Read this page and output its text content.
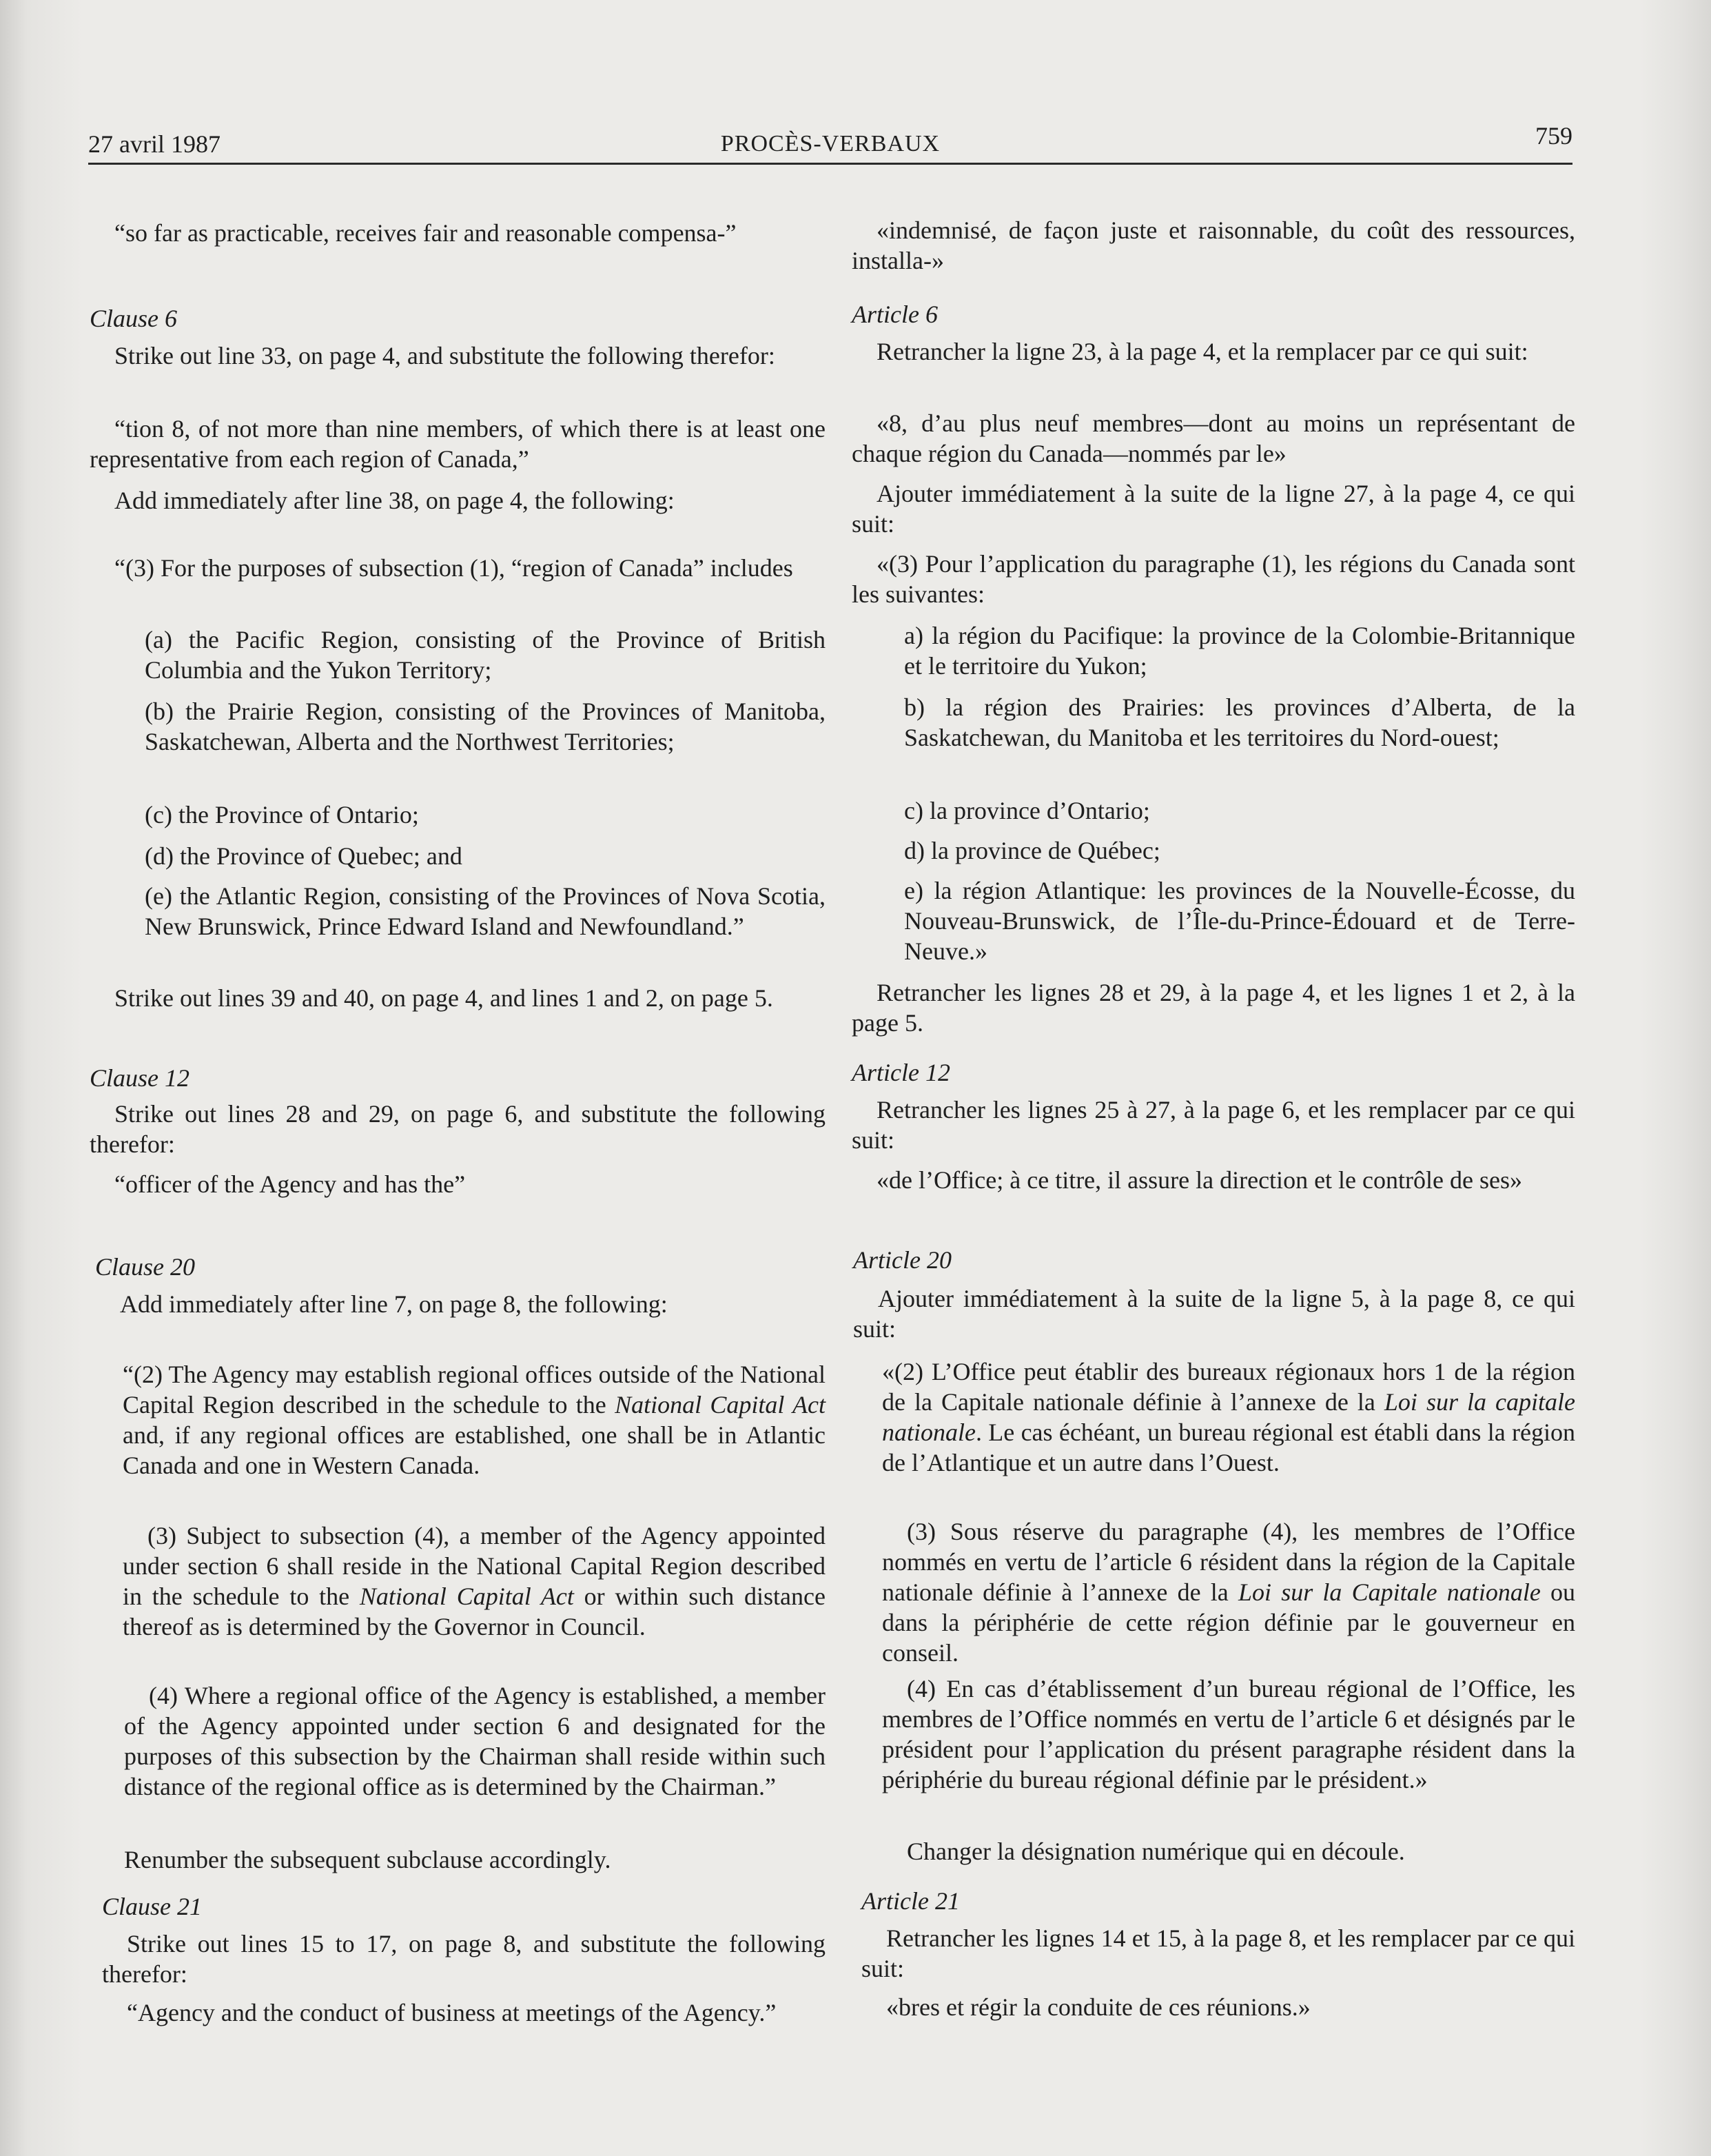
27 avril 1987	PROCÈS-VERBAUX	759
“so far as practicable, receives fair and reasonable compensa-”
Clause 6
Strike out line 33, on page 4, and substitute the following therefor:
“tion 8, of not more than nine members, of which there is at least one representative from each region of Canada,”
Add immediately after line 38, on page 4, the following:
“(3) For the purposes of subsection (1), “region of Canada” includes
(a) the Pacific Region, consisting of the Province of British Columbia and the Yukon Territory;
(b) the Prairie Region, consisting of the Provinces of Manitoba, Saskatchewan, Alberta and the Northwest Territories;
(c) the Province of Ontario;
(d) the Province of Quebec; and
(e) the Atlantic Region, consisting of the Provinces of Nova Scotia, New Brunswick, Prince Edward Island and Newfoundland.”
Strike out lines 39 and 40, on page 4, and lines 1 and 2, on page 5.
Clause 12
Strike out lines 28 and 29, on page 6, and substitute the following therefor:
“officer of the Agency and has the”
Clause 20
Add immediately after line 7, on page 8, the following:
“(2) The Agency may establish regional offices outside of the National Capital Region described in the schedule to the National Capital Act and, if any regional offices are established, one shall be in Atlantic Canada and one in Western Canada.
(3) Subject to subsection (4), a member of the Agency appointed under section 6 shall reside in the National Capital Region described in the schedule to the National Capital Act or within such distance thereof as is determined by the Governor in Council.
(4) Where a regional office of the Agency is established, a member of the Agency appointed under section 6 and designated for the purposes of this subsection by the Chairman shall reside within such distance of the regional office as is determined by the Chairman.”
Renumber the subsequent subclause accordingly.
Clause 21
Strike out lines 15 to 17, on page 8, and substitute the following therefor:
“Agency and the conduct of business at meetings of the Agency.”
«indemnisé, de façon juste et raisonnable, du coût des ressources, installa-»
Article 6
Retrancher la ligne 23, à la page 4, et la remplacer par ce qui suit:
«8, d’au plus neuf membres—dont au moins un représentant de chaque région du Canada—nommés par le»
Ajouter immédiatement à la suite de la ligne 27, à la page 4, ce qui suit:
«(3) Pour l’application du paragraphe (1), les régions du Canada sont les suivantes:
a) la région du Pacifique: la province de la Colombie-Britannique et le territoire du Yukon;
b) la région des Prairies: les provinces d’Alberta, de la Saskatchewan, du Manitoba et les territoires du Nord-ouest;
c) la province d’Ontario;
d) la province de Québec;
e) la région Atlantique: les provinces de la Nouvelle-Écosse, du Nouveau-Brunswick, de l’Île-du-Prince-Édouard et de Terre-Neuve.»
Retrancher les lignes 28 et 29, à la page 4, et les lignes 1 et 2, à la page 5.
Article 12
Retrancher les lignes 25 à 27, à la page 6, et les remplacer par ce qui suit:
«de l’Office; à ce titre, il assure la direction et le contrôle de ses»
Article 20
Ajouter immédiatement à la suite de la ligne 5, à la page 8, ce qui suit:
«(2) L’Office peut établir des bureaux régionaux hors 1 de la région de la Capitale nationale définie à l’annexe de la Loi sur la capitale nationale. Le cas échéant, un bureau régional est établi dans la région de l’Atlantique et un autre dans l’Ouest.
(3) Sous réserve du paragraphe (4), les membres de l’Office nommés en vertu de l’article 6 résident dans la région de la Capitale nationale définie à l’annexe de la Loi sur la Capitale nationale ou dans la périphérie de cette région définie par le gouverneur en conseil.
(4) En cas d’établissement d’un bureau régional de l’Office, les membres de l’Office nommés en vertu de l’article 6 et désignés par le président pour l’application du présent paragraphe résident dans la périphérie du bureau régional définie par le président.»
Changer la désignation numérique qui en découle.
Article 21
Retrancher les lignes 14 et 15, à la page 8, et les remplacer par ce qui suit:
«bres et régir la conduite de ces réunions.»
